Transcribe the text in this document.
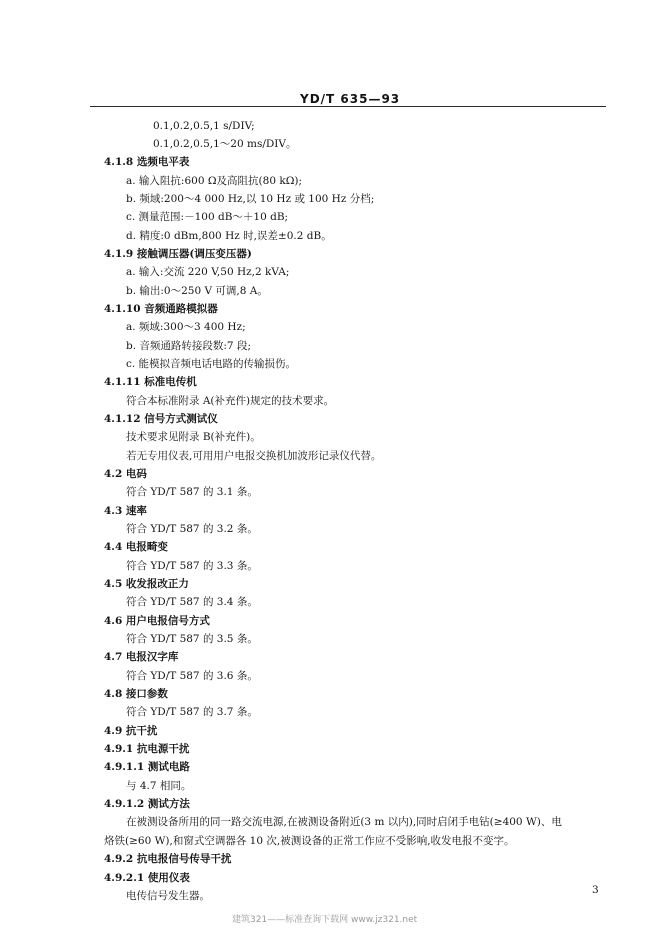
YD/T 635—93
0.1,0.2,0.5,1 s/DIV;
0.1,0.2,0.5,1～20 ms/DIV。
4.1.8 选频电平表
a. 输入阻抗:600 Ω及高阻抗(80 kΩ);
b. 频域:200～4 000 Hz,以 10 Hz 或 100 Hz 分档;
c. 测量范围:－100 dB～＋10 dB;
d. 精度:0 dBm,800 Hz 时,误差±0.2 dB。
4.1.9 接触调压器(调压变压器)
a. 输入:交流 220 V,50 Hz,2 kVA;
b. 输出:0～250 V 可调,8 A。
4.1.10 音频通路模拟器
a. 频域:300～3 400 Hz;
b. 音频通路转接段数:7 段;
c. 能模拟音频电话电路的传输损伤。
4.1.11 标准电传机
符合本标准附录 A(补充件)规定的技术要求。
4.1.12 信号方式测试仪
技术要求见附录 B(补充件)。
若无专用仪表,可用用户电报交换机加波形记录仪代替。
4.2 电码
符合 YD/T 587 的 3.1 条。
4.3 速率
符合 YD/T 587 的 3.2 条。
4.4 电报畸变
符合 YD/T 587 的 3.3 条。
4.5 收发报改正力
符合 YD/T 587 的 3.4 条。
4.6 用户电报信号方式
符合 YD/T 587 的 3.5 条。
4.7 电报汉字库
符合 YD/T 587 的 3.6 条。
4.8 接口参数
符合 YD/T 587 的 3.7 条。
4.9 抗干扰
4.9.1 抗电源干扰
4.9.1.1 测试电路
与 4.7 相同。
4.9.1.2 测试方法
在被测设备所用的同一路交流电源,在被测设备附近(3 m 以内),同时启闭手电钻(≥400 W)、电
烙铁(≥60 W),和窗式空调器各 10 次,被测设备的正常工作应不受影响,收发电报不变字。
4.9.2 抗电报信号传导干扰
4.9.2.1 使用仪表
电传信号发生器。	3
建筑321——标准查询下载网 www.jz321.net
